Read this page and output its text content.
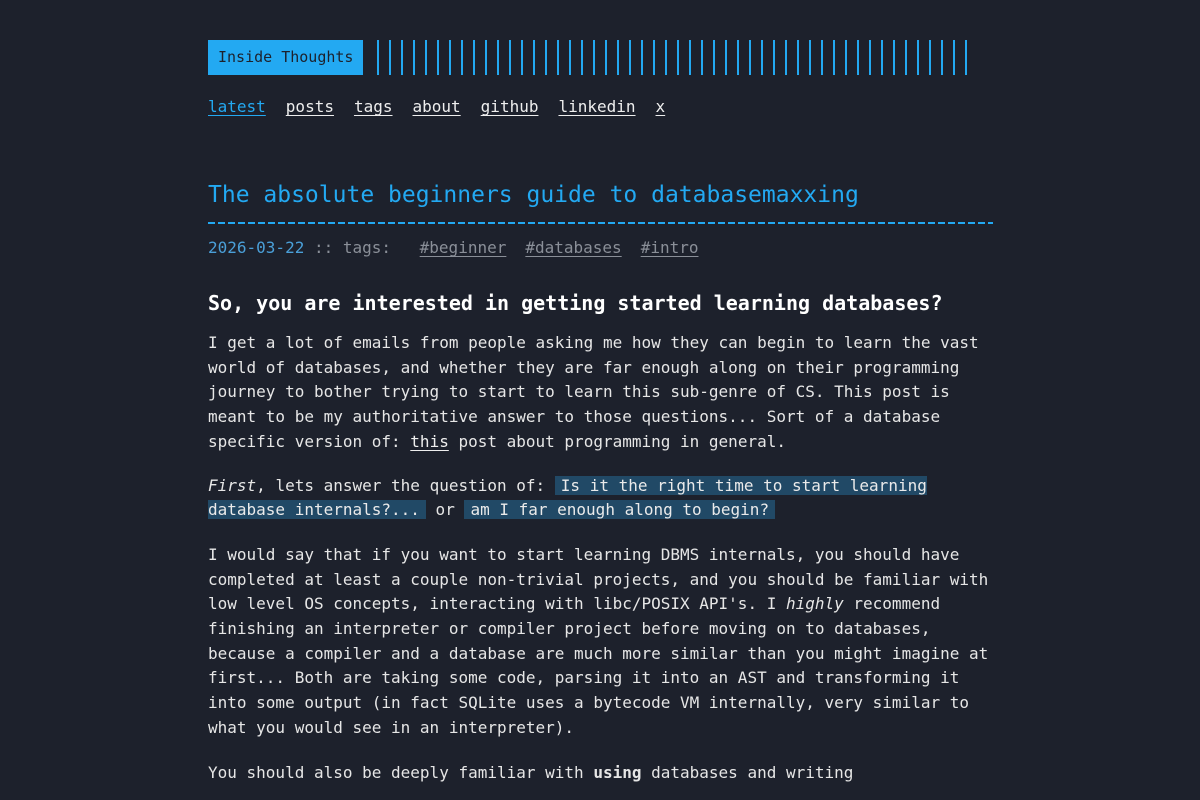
Inside Thoughts
latest posts tags about github linkedin x
The absolute beginners guide to databasemaxxing
2026-03-22 :: tags: #beginner #databases #intro
So, you are interested in getting started learning databases?

I get a lot of emails from people asking me how they can begin to learn the vast world of databases, and whether they are far enough along on their programming journey to bother trying to start to learn this sub-genre of CS. This post is meant to be my authoritative answer to those questions... Sort of a database specific version of: this post about programming in general.

First, lets answer the question of: Is it the right time to start learning database internals?... or am I far enough along to begin?

I would say that if you want to start learning DBMS internals, you should have completed at least a couple non-trivial projects, and you should be familiar with low level OS concepts, interacting with libc/POSIX API's. I highly recommend finishing an interpreter or compiler project before moving on to databases, because a compiler and a database are much more similar than you might imagine at first... Both are taking some code, parsing it into an AST and transforming it into some output (in fact SQLite uses a bytecode VM internally, very similar to what you would see in an interpreter).

You should also be deeply familiar with using databases and writing
